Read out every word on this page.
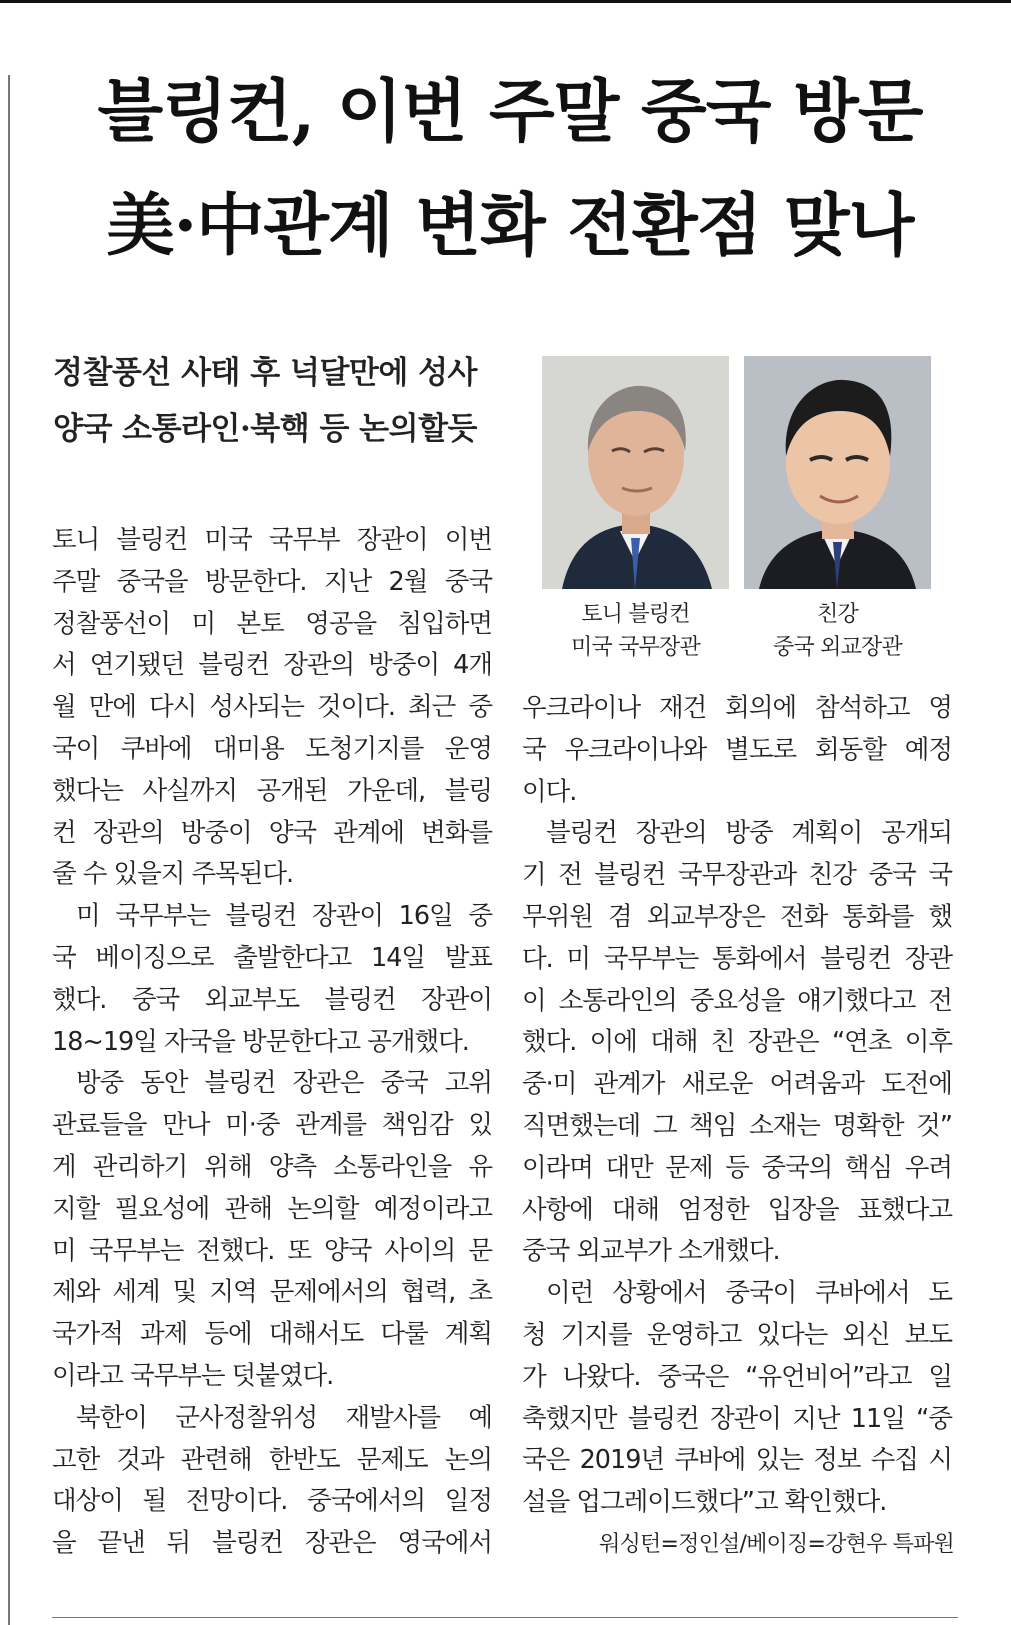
블링컨, 이번 주말 중국 방문
美·中관계 변화 전환점 맞나
정찰풍선 사태 후 넉달만에 성사
양국 소통라인·북핵 등 논의할듯
토니 블링컨
미국 국무장관
친강
중국 외교장관
토니 블링컨 미국 국무부 장관이 이번
주말 중국을 방문한다. 지난 2월 중국
정찰풍선이 미 본토 영공을 침입하면
서 연기됐던 블링컨 장관의 방중이 4개
월 만에 다시 성사되는 것이다. 최근 중
국이 쿠바에 대미용 도청기지를 운영
했다는 사실까지 공개된 가운데, 블링
컨 장관의 방중이 양국 관계에 변화를
줄 수 있을지 주목된다.
미 국무부는 블링컨 장관이 16일 중
국 베이징으로 출발한다고 14일 발표
했다. 중국 외교부도 블링컨 장관이
18~19일 자국을 방문한다고 공개했다.
방중 동안 블링컨 장관은 중국 고위
관료들을 만나 미·중 관계를 책임감 있
게 관리하기 위해 양측 소통라인을 유
지할 필요성에 관해 논의할 예정이라고
미 국무부는 전했다. 또 양국 사이의 문
제와 세계 및 지역 문제에서의 협력, 초
국가적 과제 등에 대해서도 다룰 계획
이라고 국무부는 덧붙였다.
북한이 군사정찰위성 재발사를 예
고한 것과 관련해 한반도 문제도 논의
대상이 될 전망이다. 중국에서의 일정
을 끝낸 뒤 블링컨 장관은 영국에서
우크라이나 재건 회의에 참석하고 영
국 우크라이나와 별도로 회동할 예정
이다.
블링컨 장관의 방중 계획이 공개되
기 전 블링컨 국무장관과 친강 중국 국
무위원 겸 외교부장은 전화 통화를 했
다. 미 국무부는 통화에서 블링컨 장관
이 소통라인의 중요성을 얘기했다고 전
했다. 이에 대해 친 장관은 “연초 이후
중·미 관계가 새로운 어려움과 도전에
직면했는데 그 책임 소재는 명확한 것”
이라며 대만 문제 등 중국의 핵심 우려
사항에 대해 엄정한 입장을 표했다고
중국 외교부가 소개했다.
이런 상황에서 중국이 쿠바에서 도
청 기지를 운영하고 있다는 외신 보도
가 나왔다. 중국은 “유언비어”라고 일
축했지만 블링컨 장관이 지난 11일 “중
국은 2019년 쿠바에 있는 정보 수집 시
설을 업그레이드했다”고 확인했다.
워싱턴=정인설/베이징=강현우 특파원
